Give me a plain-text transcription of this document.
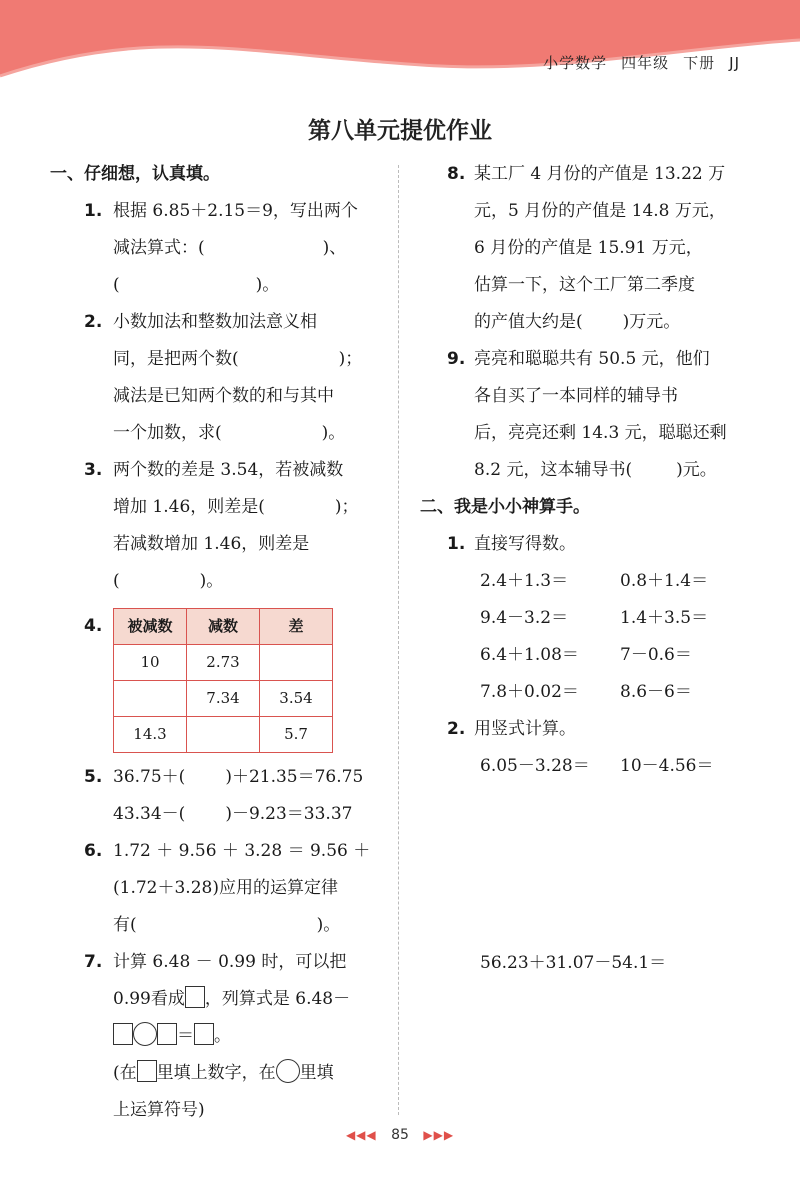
小学数学 四年级 下册 JJ
第八单元提优作业
一、仔细想，认真填。
1. 根据 6.85＋2.15＝9，写出两个
减法算式：(	)、
(	)。
2. 小数加法和整数加法意义相
同，是把两个数(	)；
减法是已知两个数的和与其中
一个加数，求(	)。
3. 两个数的差是 3.54，若被减数
增加 1.46，则差是(	)；
若减数增加 1.46，则差是
(	)。
4. 被减数	减数	差
10	2.73	
	7.34	3.54
14.3		5.7
5. 36.75＋( )＋21.35＝76.75
43.34－( )－9.23＝33.37
6. 1.72 ＋ 9.56 ＋ 3.28 ＝ 9.56 ＋
(1.72＋3.28)应用的运算定律
有(	)。
7. 计算 6.48 － 0.99 时，可以把
0.99看成 ，列算式是 6.48－
＝ 。
(在 里填上数字，在 里填
上运算符号)
8. 某工厂 4 月份的产值是 13.22 万
元，5 月份的产值是 14.8 万元，
6 月份的产值是 15.91 万元，
估算一下，这个工厂第二季度
的产值大约是( )万元。
9. 亮亮和聪聪共有 50.5 元，他们
各自买了一本同样的辅导书
后，亮亮还剩 14.3 元，聪聪还剩
8.2 元，这本辅导书(	)元。
二、我是小小神算手。
1. 直接写得数。
2.4＋1.3＝	0.8＋1.4＝
9.4－3.2＝	1.4＋3.5＝
6.4＋1.08＝	7－0.6＝
7.8＋0.02＝	8.6－6＝
2. 用竖式计算。
6.05－3.28＝	10－4.56＝
56.23＋31.07－54.1＝
◀◀◀ 85 ▶▶▶
